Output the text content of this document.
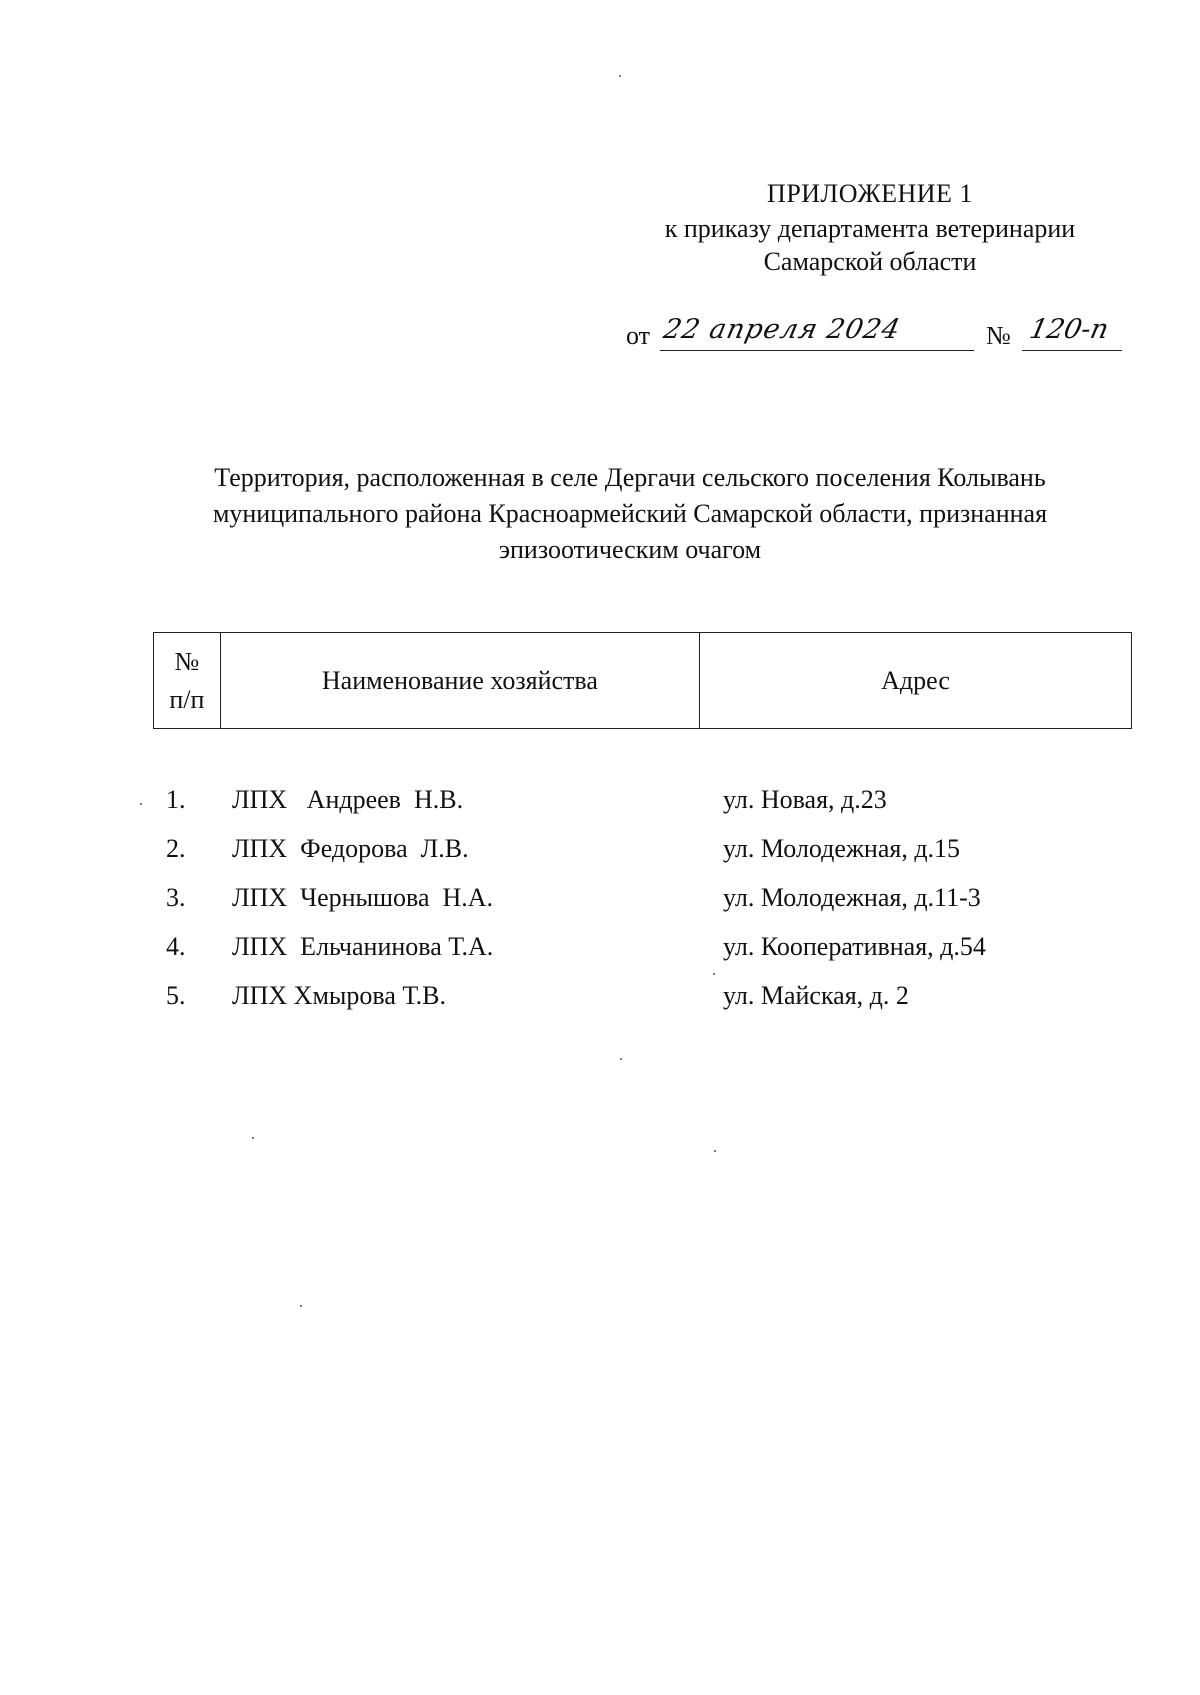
ПРИЛОЖЕНИЕ 1
к приказу департамента ветеринарии
Самарской области
от 22 апреля 2024	№ 120-п
Территория, расположенная в селе Дергачи сельского поселения Колывань муниципального района Красноармейский Самарской области, признанная эпизоотическим очагом
№
п/п
	Наименование хозяйства	Адрес
1. ЛПХ   Андреев  Н.В.	ул. Новая, д.23
2. ЛПХ  Федорова  Л.В.	ул. Молодежная, д.15
3. ЛПХ  Чернышова  Н.А.	ул. Молодежная, д.11-3
4. ЛПХ  Ельчанинова Т.А.	ул. Кооперативная, д.54
5. ЛПХ Хмырова Т.В.	ул. Майская, д. 2
